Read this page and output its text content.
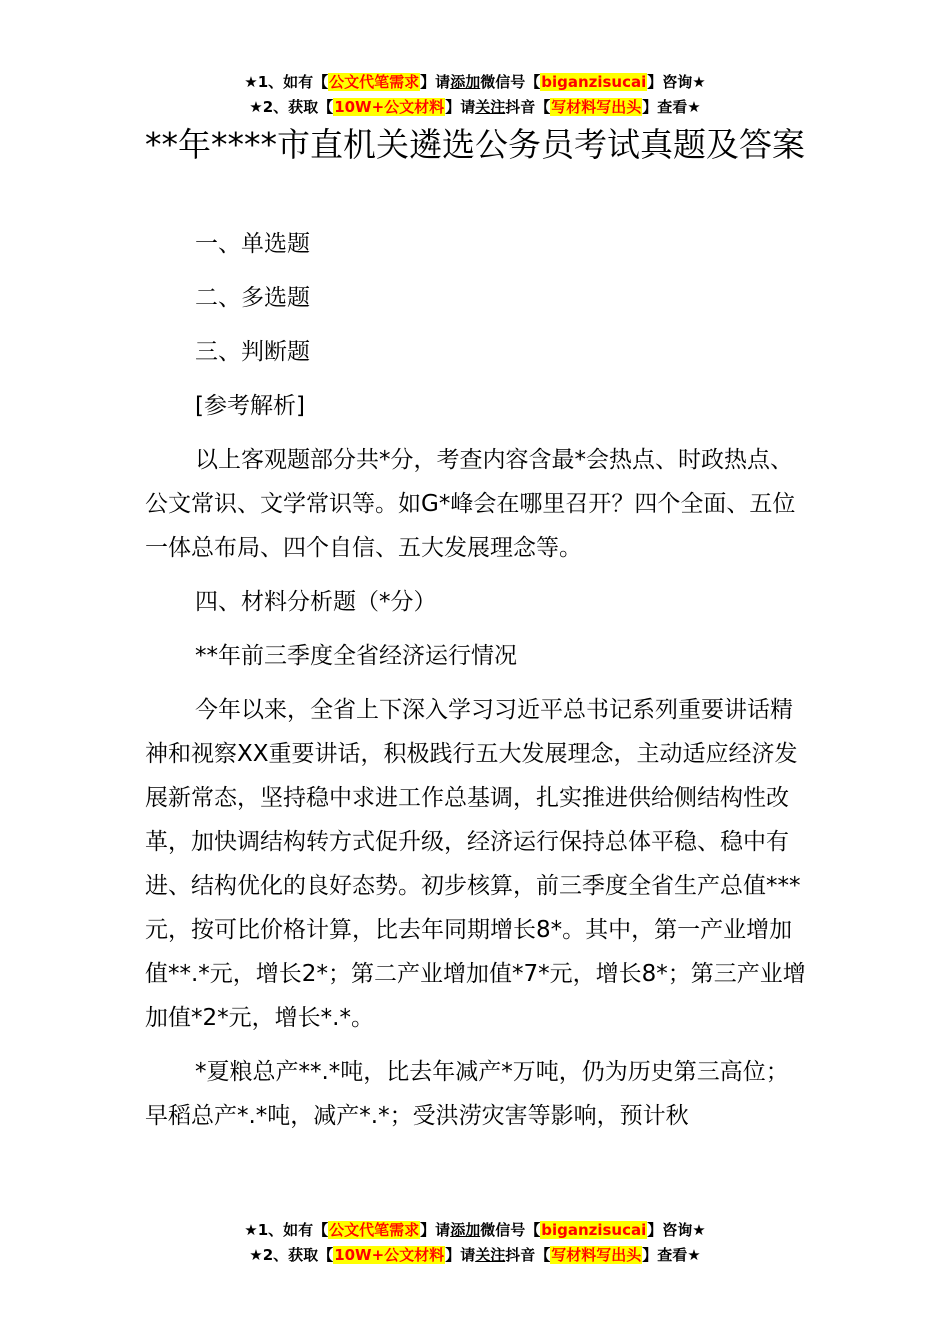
★1、如有【公文代笔需求】请添加微信号【biganzisucai】咨询★
★2、获取【10W+公文材料】请关注抖音【写材料写出头】查看★
**年****市直机关遴选公务员考试真题及答案

一、单选题

二、多选题

三、判断题

[参考解析]

以上客观题部分共*分，考查内容含最*会热点、时政热点、公文常识、文学常识等。如G*峰会在哪里召开？四个全面、五位一体总布局、四个自信、五大发展理念等。

四、材料分析题（*分）

**年前三季度全省经济运行情况

今年以来，全省上下深入学习习近平总书记系列重要讲话精神和视察XX重要讲话，积极践行五大发展理念，主动适应经济发展新常态，坚持稳中求进工作总基调，扎实推进供给侧结构性改革，加快调结构转方式促升级，经济运行保持总体平稳、稳中有进、结构优化的良好态势。初步核算，前三季度全省生产总值***元，按可比价格计算，比去年同期增长8*。其中，第一产业增加值**.*元，增长2*；第二产业增加值*7*元，增长8*；第三产业增加值*2*元，增长*.*。

*夏粮总产**.*吨，比去年减产*万吨，仍为历史第三高位；早稻总产*.*吨，减产*.*；受洪涝灾害等影响，预计秋

★1、如有【公文代笔需求】请添加微信号【biganzisucai】咨询★
★2、获取【10W+公文材料】请关注抖音【写材料写出头】查看★
